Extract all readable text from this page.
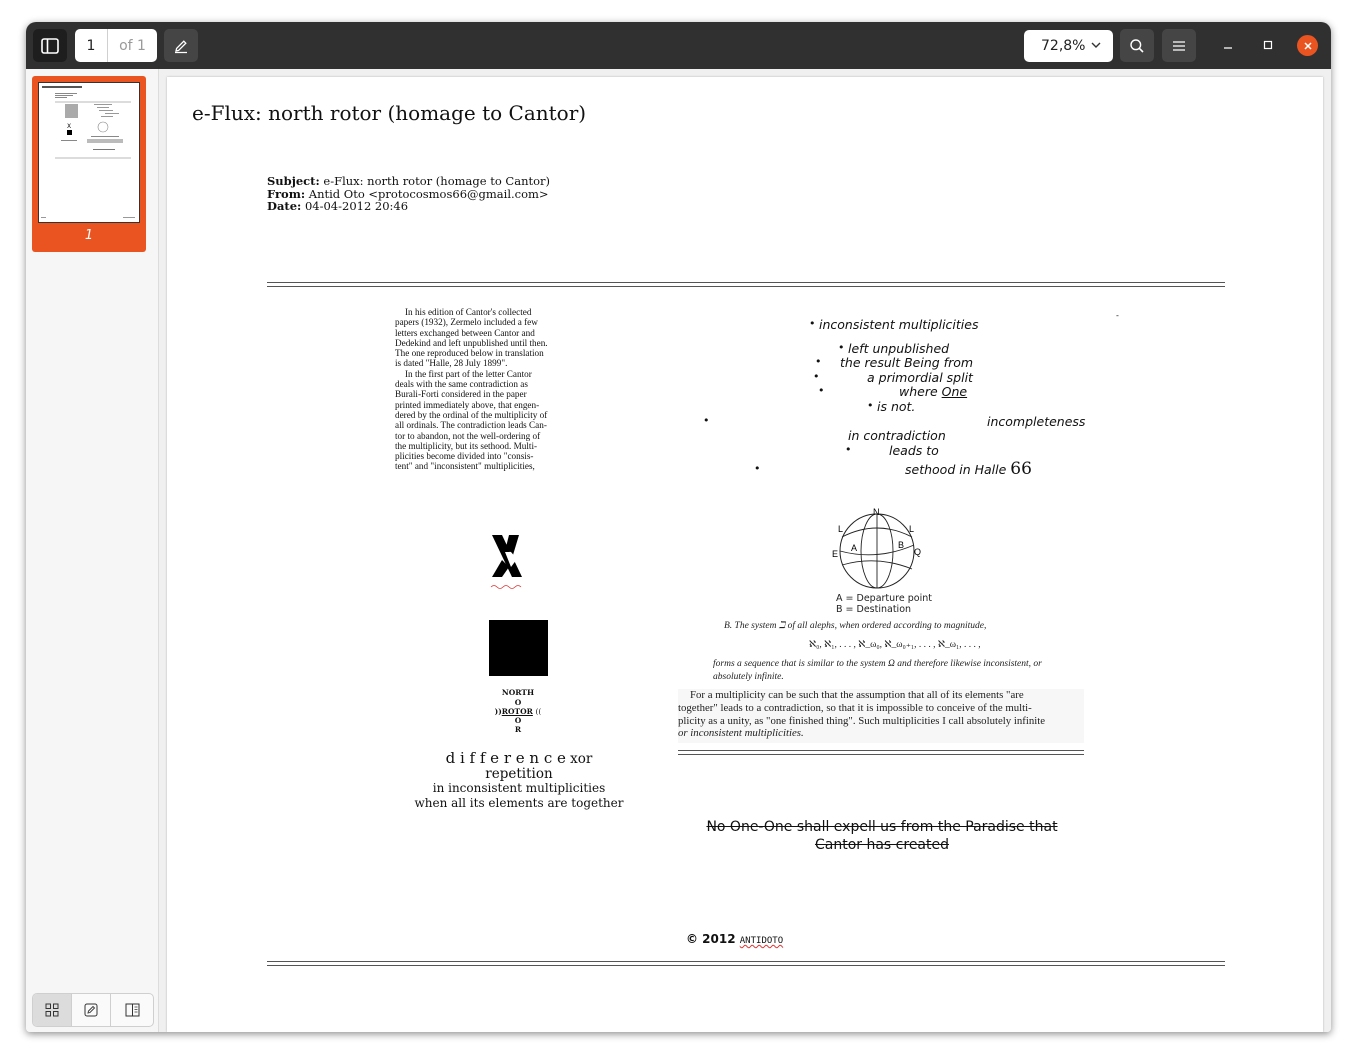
1	of 1	72,8%
X
1
e-Flux: north rotor (homage to Cantor)
Subject: e-Flux: north rotor (homage to Cantor)
From: Antid Oto <protocosmos66@gmail.com>
Date: 04-04-2012 20:46
In his edition of Cantor's collected
papers (1932), Zermelo included a few
letters exchanged between Cantor and
Dedekind and left unpublished until then.
The one reproduced below in translation
is dated "Halle, 28 July 1899".
In the first part of the letter Cantor
deals with the same contradiction as
Burali-Forti considered in the paper
printed immediately above, that engen-
dered by the ordinal of the multiplicity of
all ordinals. The contradiction leads Can-
tor to abandon, not the well-ordering of
the multiplicity, but its sethood. Multi-
plicities become divided into "consis-
tent" and "inconsistent" multiplicities,
• inconsistent multiplicities
-
• left unpublished
• the result Being from
•	a primordial split
•	where One
• is not.
•	incompleteness
in contradiction
•	leads to
•	sethood in Halle 66
NORTH
O
))ROTOR ((
O
R
d i f f e r e n c e xor repetition
in inconsistent multiplicities
when all its elements are together
N
L	L
E
A	B
Q
A = Departure point
B = Destination
B. The system ℶ of all alephs, when ordered according to magnitude,
ℵ₀, ℵ₁, . . . , ℵ_ω₀, ℵ_ω₀₊₁, . . . , ℵ_ω₁, . . . ,
forms a sequence that is similar to the system Ω and therefore likewise inconsistent, or
absolutely infinite.
For a multiplicity can be such that the assumption that all of its elements "are
together" leads to a contradiction, so that it is impossible to conceive of the multi-
plicity as a unity, as "one finished thing". Such multiplicities I call absolutely infinite
or inconsistent multiplicities.
No One-One shall expell us from the Paradise that Cantor has created
© 2012 ANTIDOTO
